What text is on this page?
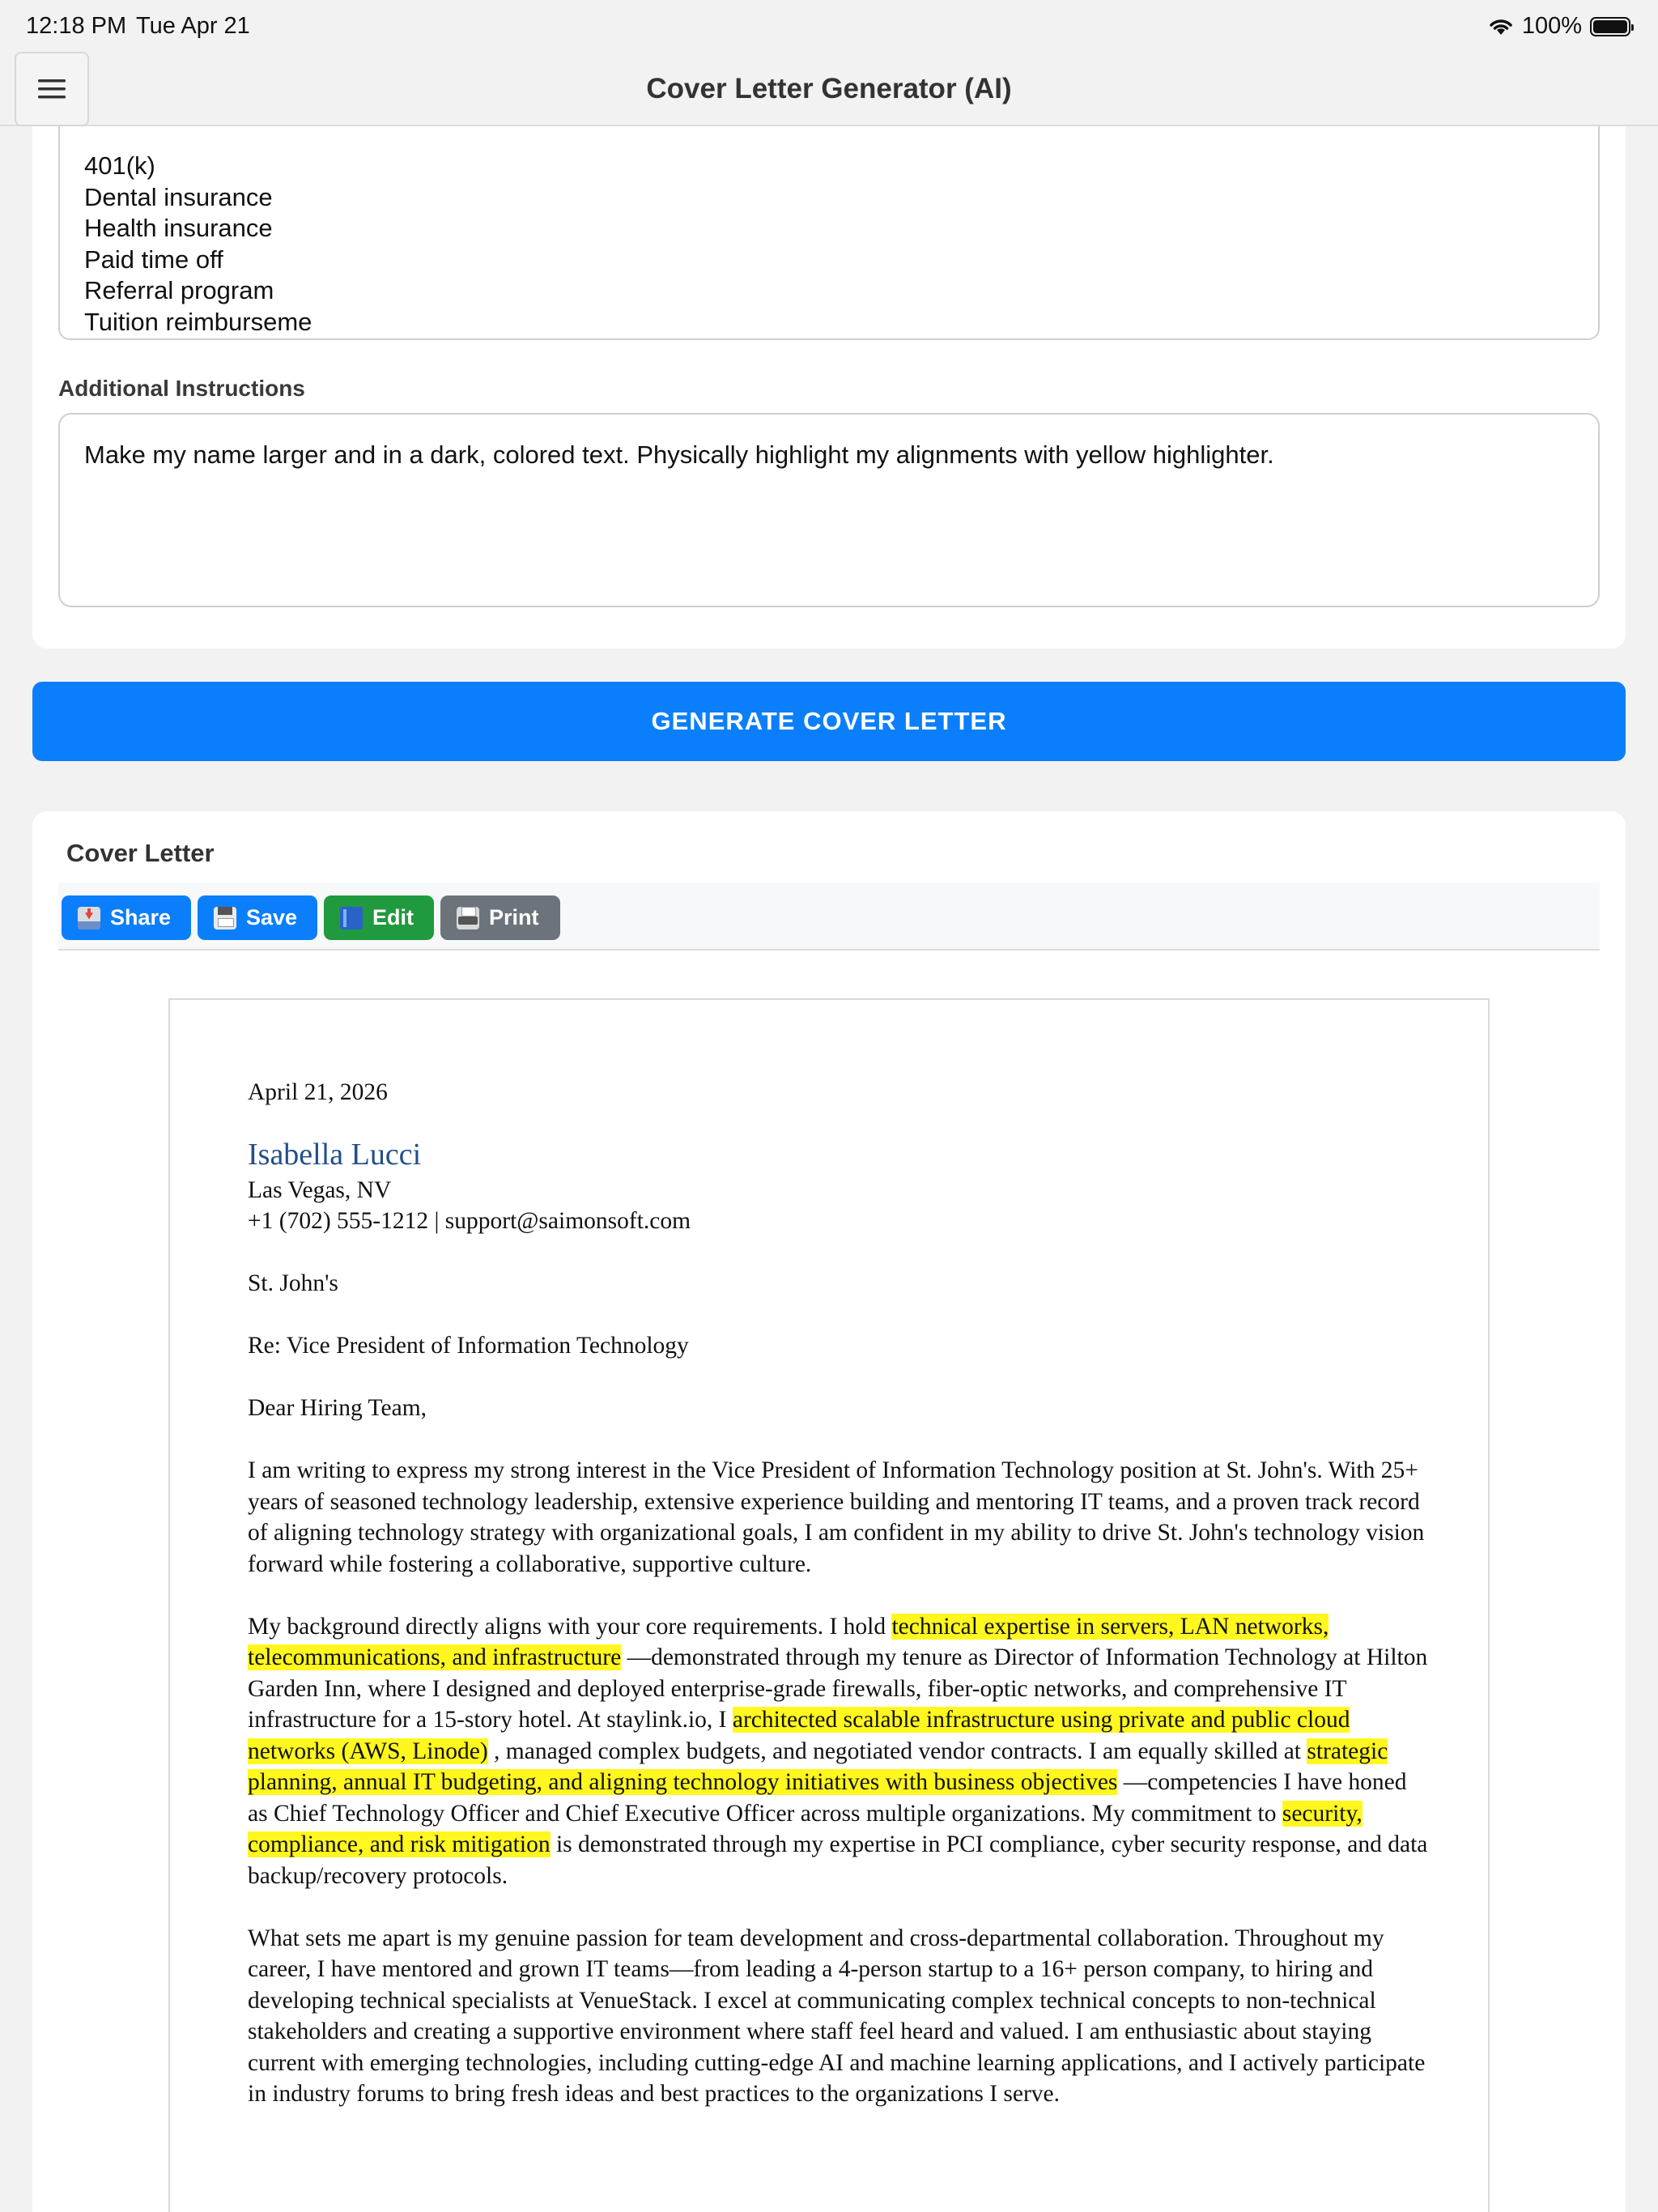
12:18 PM Tue Apr 21	100%
Cover Letter Generator (AI)
401(k)
Dental insurance
Health insurance
Paid time off
Referral program
Tuition reimburseme
Additional Instructions
Make my name larger and in a dark, colored text. Physically highlight my alignments with yellow highlighter.
GENERATE COVER LETTER
Cover Letter
Share	Save	Edit	Print

April 21, 2026

Isabella Lucci

Las Vegas, NV

+1 (702) 555-1212 | support@saimonsoft.com

St. John's

Re: Vice President of Information Technology

Dear Hiring Team,

I am writing to express my strong interest in the Vice President of Information Technology position at St. John's. With 25+ years of seasoned technology leadership, extensive experience building and mentoring IT teams, and a proven track record of aligning technology strategy with organizational goals, I am confident in my ability to drive St. John's technology vision forward while fostering a collaborative, supportive culture.

My background directly aligns with your core requirements. I hold technical expertise in servers, LAN networks, telecommunications, and infrastructure —demonstrated through my tenure as Director of Information Technology at Hilton Garden Inn, where I designed and deployed enterprise-grade firewalls, fiber-optic networks, and comprehensive IT infrastructure for a 15-story hotel. At staylink.io, I architected scalable infrastructure using private and public cloud networks (AWS, Linode) , managed complex budgets, and negotiated vendor contracts. I am equally skilled at strategic planning, annual IT budgeting, and aligning technology initiatives with business objectives —competencies I have honed as Chief Technology Officer and Chief Executive Officer across multiple organizations. My commitment to security, compliance, and risk mitigation is demonstrated through my expertise in PCI compliance, cyber security response, and data backup/recovery protocols.

What sets me apart is my genuine passion for team development and cross-departmental collaboration. Throughout my career, I have mentored and grown IT teams—from leading a 4-person startup to a 16+ person company, to hiring and developing technical specialists at VenueStack. I excel at communicating complex technical concepts to non-technical stakeholders and creating a supportive environment where staff feel heard and valued. I am enthusiastic about staying current with emerging technologies, including cutting-edge AI and machine learning applications, and I actively participate in industry forums to bring fresh ideas and best practices to the organizations I serve.
